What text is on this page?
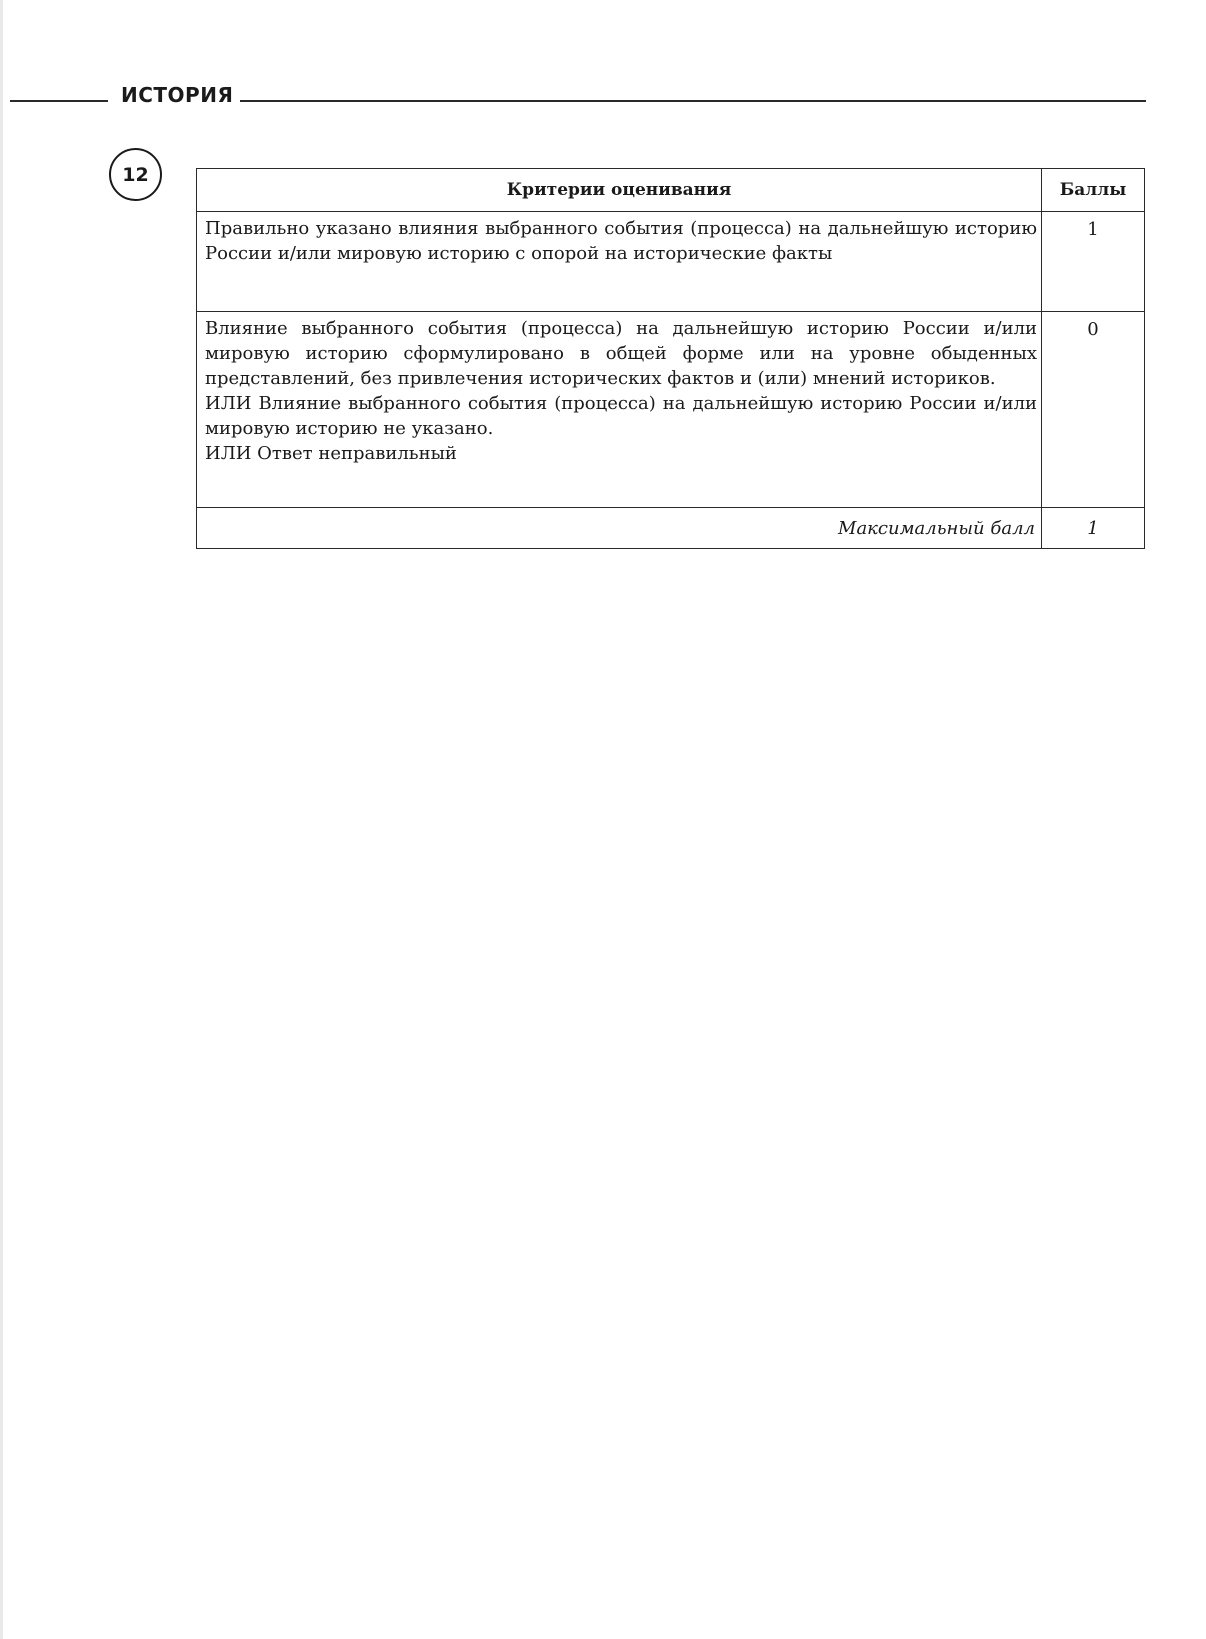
ИСТОРИЯ
12
Критерии оценивания	Баллы
Правильно указано влияния выбранного события (процесса) на дальнейшую историю России и/или мировую историю с опорой на исторические факты	1

Влияние выбранного события (процесса) на дальнейшую историю России и/или мировую историю сформулировано в общей форме или на уровне обыденных представлений, без привлечения исторических фактов и (или) мнений историков.
ИЛИ Влияние выбранного события (процесса) на дальнейшую историю России и/или мировую историю не указано.
ИЛИ Ответ неправильный	0
Максимальный балл	1
